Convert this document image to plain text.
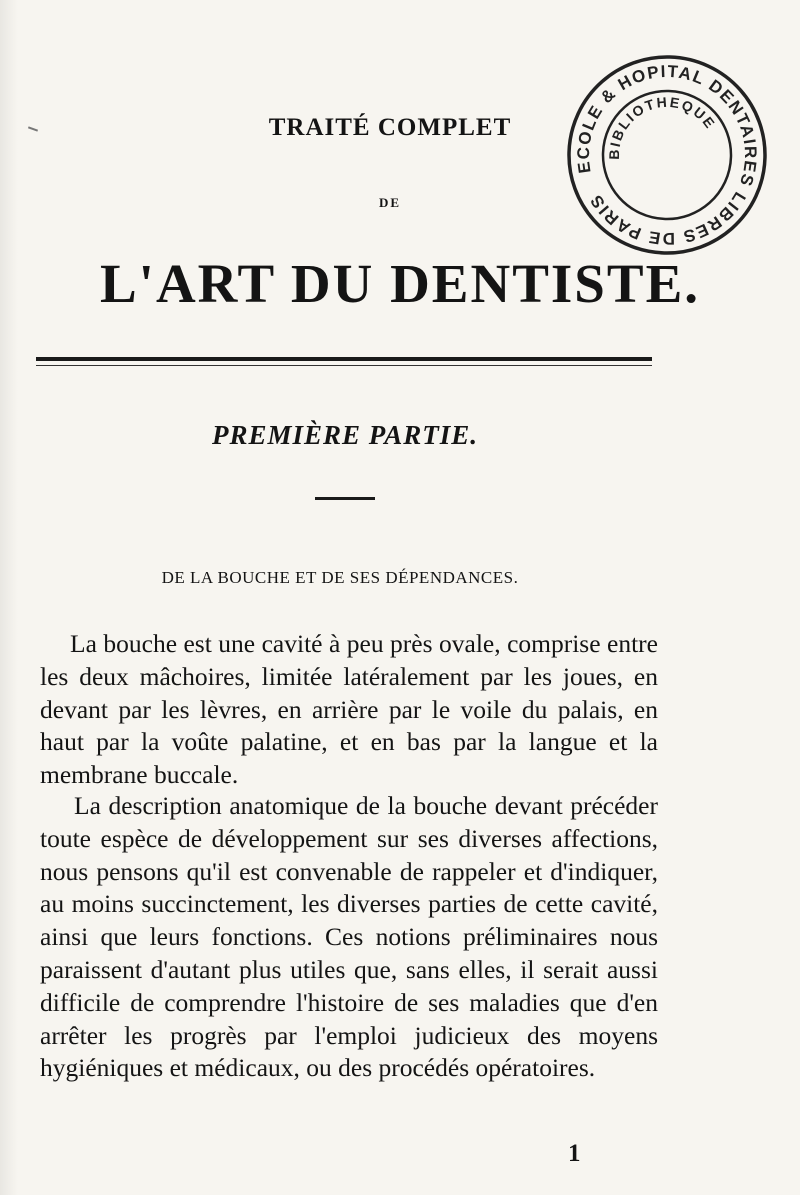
TRAITÉ COMPLET
DE
L'ART DU DENTISTE.
PREMIÈRE PARTIE.
DE LA BOUCHE ET DE SES DÉPENDANCES.

La bouche est une cavité à peu près ovale, comprise entre les deux mâchoires, limitée latéralement par les joues, en devant par les lèvres, en arrière par le voile du palais, en haut par la voûte palatine, et en bas par la langue et la membrane buccale.

La description anatomique de la bouche devant précéder toute espèce de développement sur ses diverses affections, nous pensons qu'il est convenable de rappeler et d'indiquer, au moins succinctement, les diverses parties de cette cavité, ainsi que leurs fonctions. Ces notions préliminaires nous paraissent d'autant plus utiles que, sans elles, il serait aussi difficile de comprendre l'histoire de ses maladies que d'en arrêter les progrès par l'emploi judicieux des moyens hygiéniques et médicaux, ou des procédés opératoires.

1
ECOLE & HOPITAL DENTAIRES LIBRES DE PARIS
BIBLIOTHEQUE
